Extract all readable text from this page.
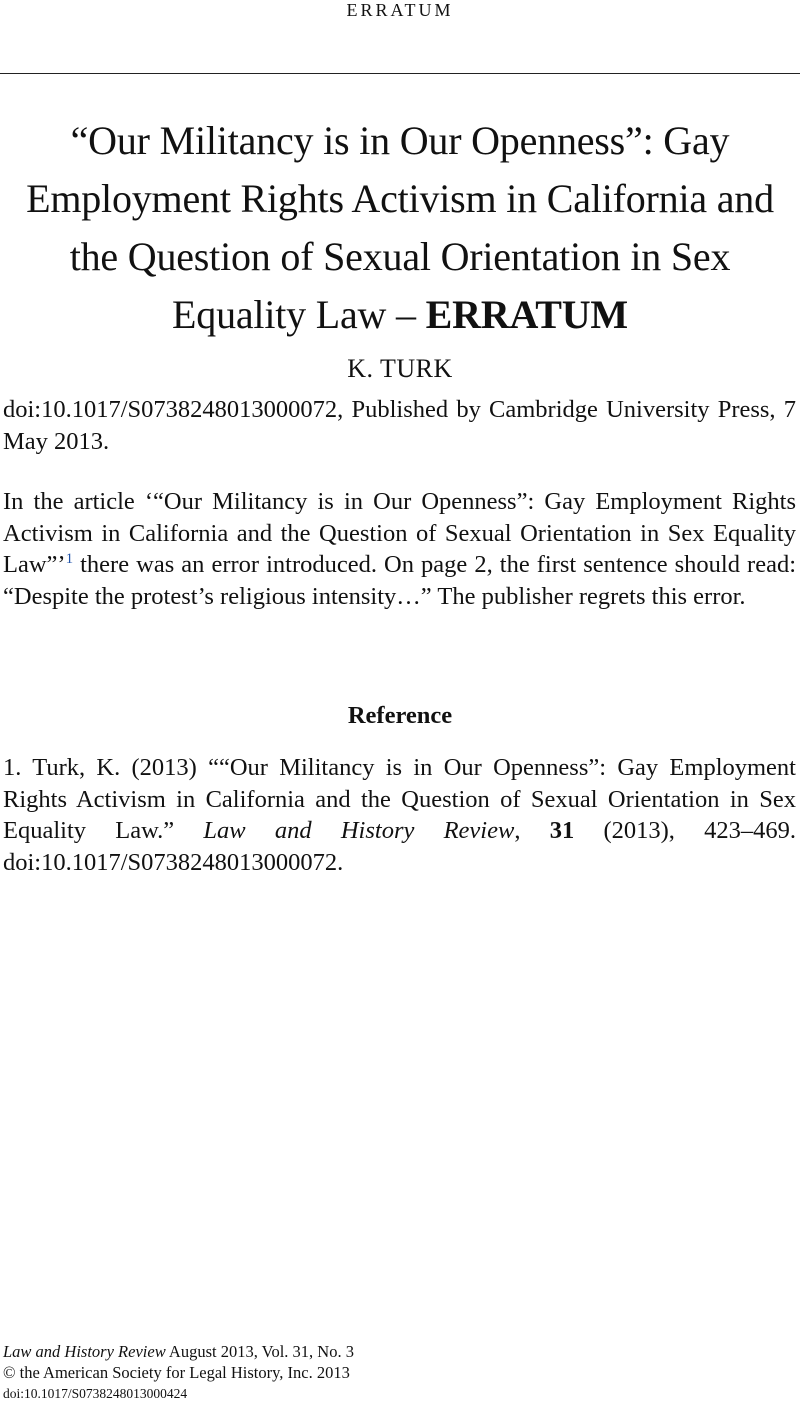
ERRATUM
“Our Militancy is in Our Openness”: Gay Employment Rights Activism in California and the Question of Sexual Orientation in Sex Equality Law – ERRATUM
K. TURK
doi:10.1017/S0738248013000072, Published by Cambridge University Press, 7 May 2013.
In the article ‘“Our Militancy is in Our Openness”: Gay Employment Rights Activism in California and the Question of Sexual Orientation in Sex Equality Law”’$^1$ there was an error introduced. On page 2, the first sentence should read: “Despite the protest’s religious intensity…” The publisher regrets this error.
Reference
1. Turk, K. (2013) ““Our Militancy is in Our Openness”: Gay Employment Rights Activism in California and the Question of Sexual Orientation in Sex Equality Law.” Law and History Review, 31 (2013), 423–469. doi:10.1017/S0738248013000072.
Law and History Review August 2013, Vol. 31, No. 3
© the American Society for Legal History, Inc. 2013
doi:10.1017/S0738248013000424
